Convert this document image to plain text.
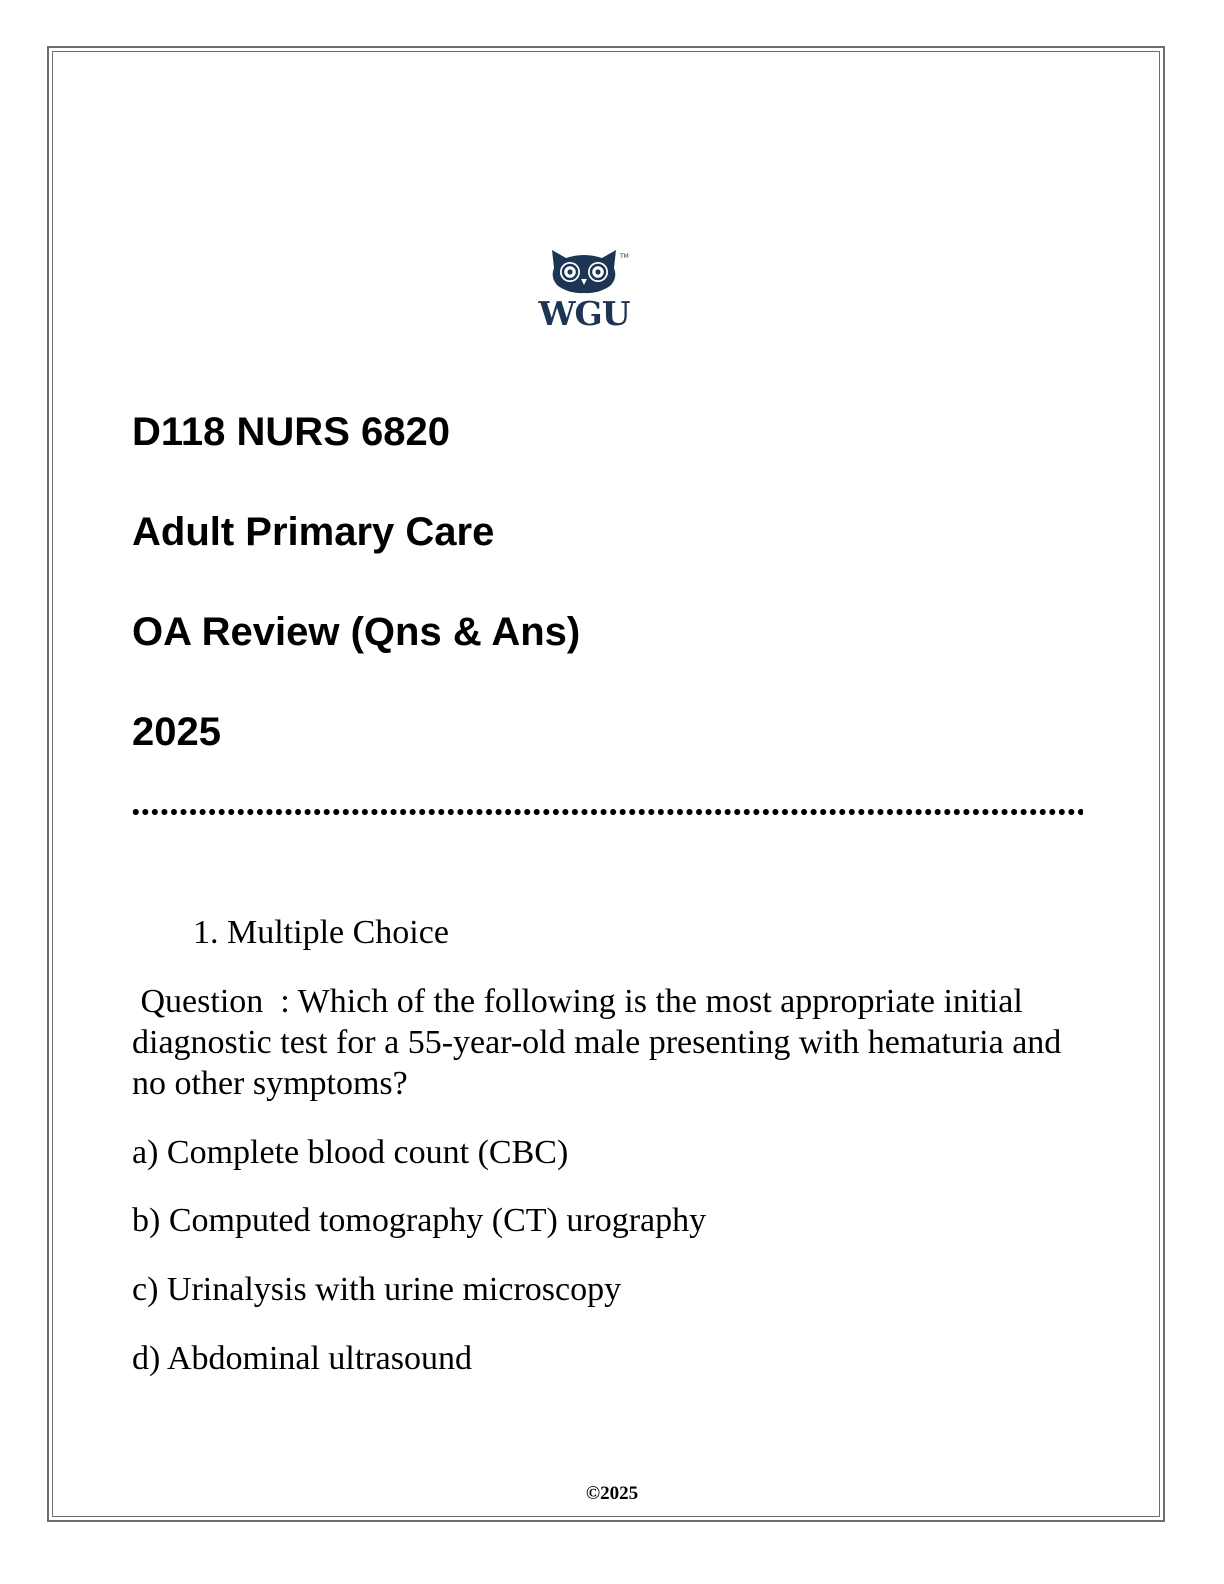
TM
WGU
D118 NURS 6820
Adult Primary Care
OA Review (Qns & Ans)
2025
1. Multiple Choice
Question  : Which of the following is the most appropriate initial diagnostic test for a 55-year-old male presenting with hematuria and no other symptoms?
a) Complete blood count (CBC)
b) Computed tomography (CT) urography
c) Urinalysis with urine microscopy
d) Abdominal ultrasound
©2025
